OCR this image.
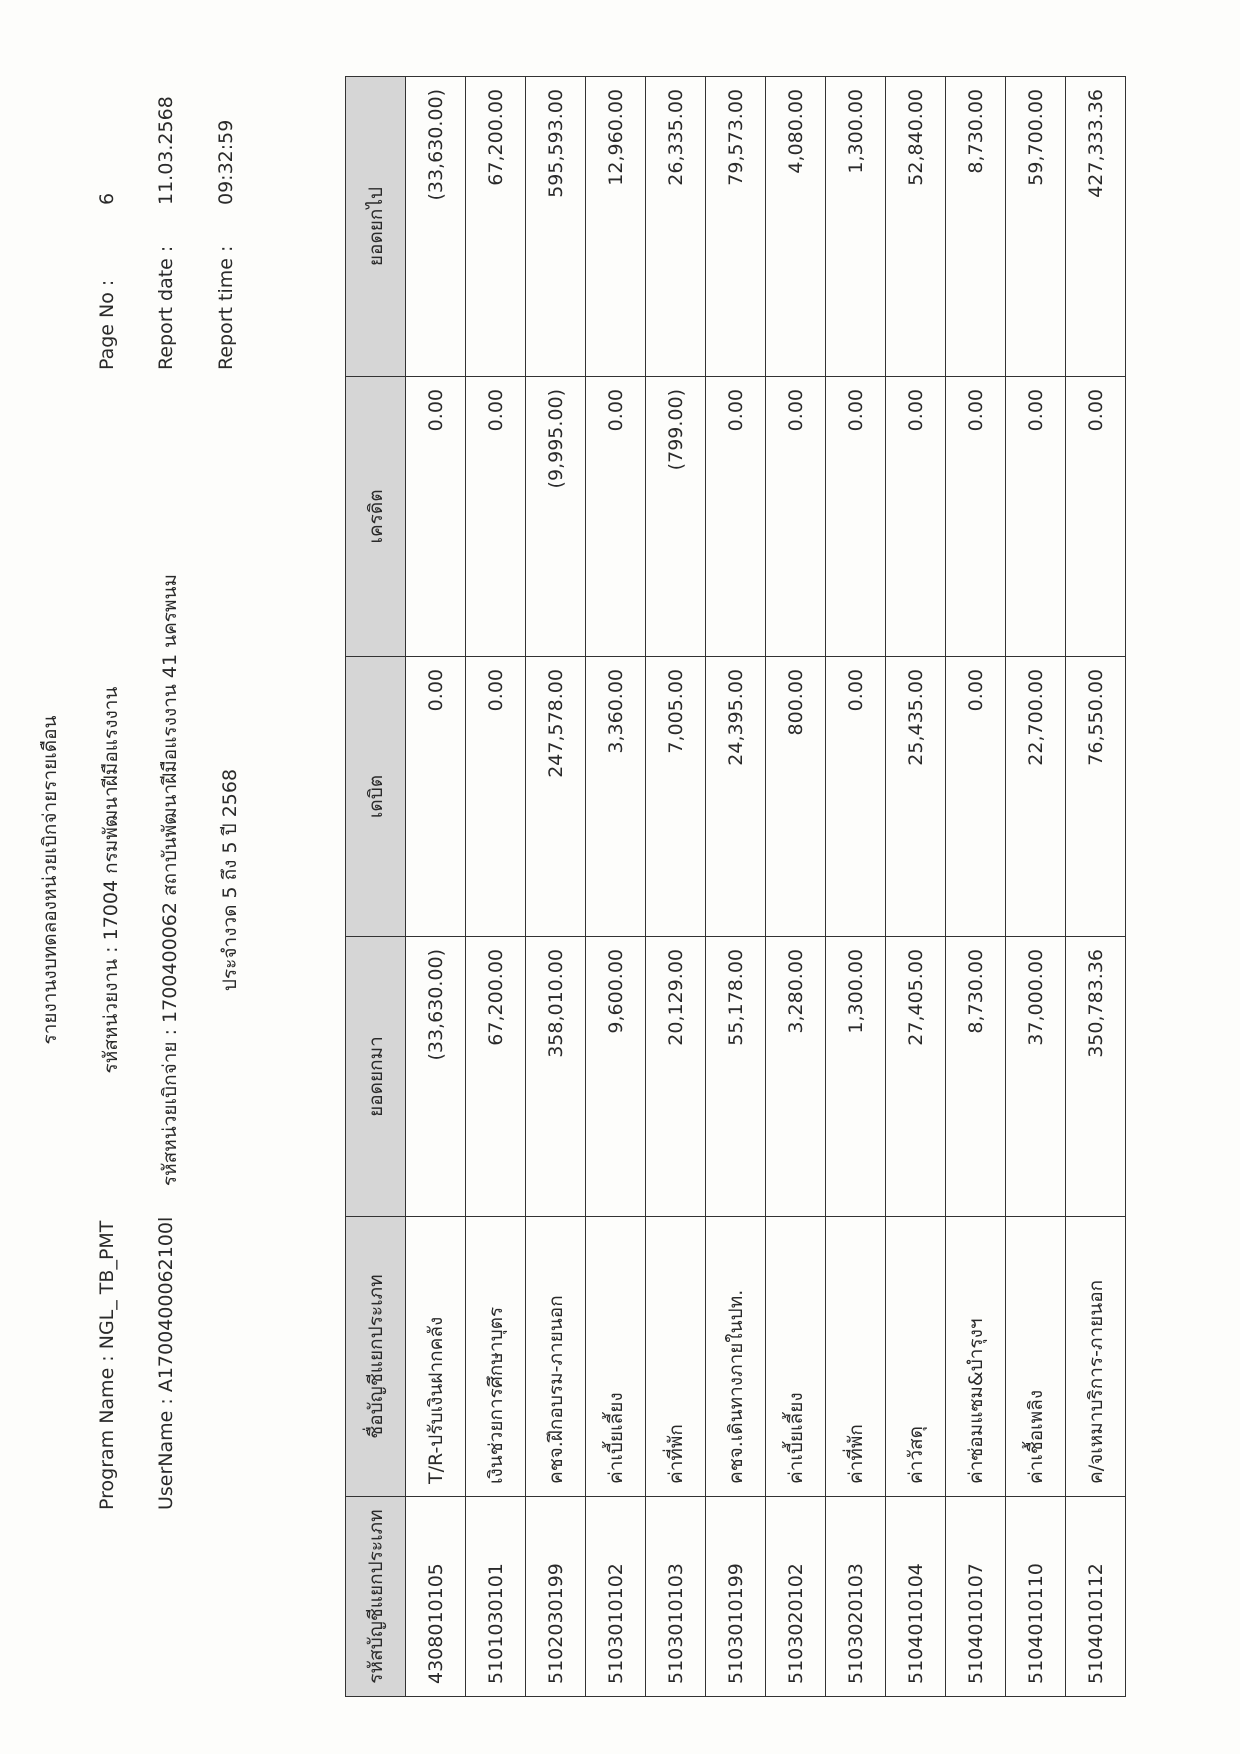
รายงานงบทดลองหน่วยเบิกจ่ายรายเดือน
Program Name : NGL_ TB_PMT
รหัสหน่วยงาน : 17004 กรมพัฒนาฝีมือแรงงาน
Page No :
6
UserName : A1700400062100l
รหัสหน่วยเบิกจ่าย : 1700400062 สถาบันพัฒนาฝีมือแรงงาน 41 นครพนม
Report date :
11.03.2568
ประจำงวด 5 ถึง 5 ปี 2568
Report time :
09:32:59
รหัสบัญชีแยกประเภท	ชื่อบัญชีแยกประเภท	ยอดยกมา	เดบิต	เครดิต	ยอดยกไป
4308010105	T/R-ปรับเงินฝากคลัง	(33,630.00)	0.00	0.00	(33,630.00)
5101030101	เงินช่วยการศึกษาบุตร	67,200.00	0.00	0.00	67,200.00
5102030199	คชจ.ฝึกอบรม-ภายนอก	358,010.00	247,578.00	(9,995.00)	595,593.00
5103010102	ค่าเบี้ยเลี้ยง	9,600.00	3,360.00	0.00	12,960.00
5103010103	ค่าที่พัก	20,129.00	7,005.00	(799.00)	26,335.00
5103010199	คชจ.เดินทางภายในปท.	55,178.00	24,395.00	0.00	79,573.00
5103020102	ค่าเบี้ยเลี้ยง	3,280.00	800.00	0.00	4,080.00
5103020103	ค่าที่พัก	1,300.00	0.00	0.00	1,300.00
5104010104	ค่าวัสดุ	27,405.00	25,435.00	0.00	52,840.00
5104010107	ค่าซ่อมแซม&บำรุงฯ	8,730.00	0.00	0.00	8,730.00
5104010110	ค่าเชื้อเพลิง	37,000.00	22,700.00	0.00	59,700.00
5104010112	ค/จเหมาบริการ-ภายนอก	350,783.36	76,550.00	0.00	427,333.36
